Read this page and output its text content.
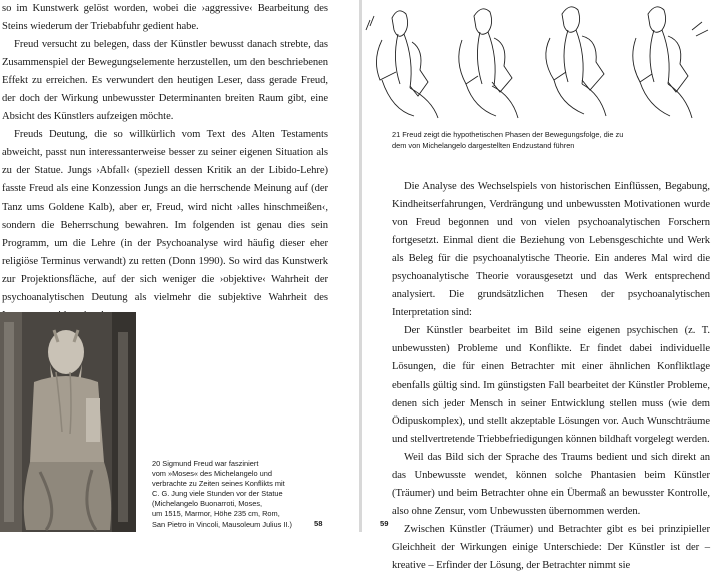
so im Kunstwerk gelöst worden, wobei die ›aggressive‹ Bearbeitung des Steins wiederum der Triebabfuhr gedient habe.

Freud versucht zu belegen, dass der Künstler bewusst danach strebte, das Zusammenspiel der Bewegungselemente herzustellen, um den beschriebenen Effekt zu erreichen. Es verwundert den heutigen Leser, dass gerade Freud, der doch der Wirkung unbewusster Determinanten breiten Raum gibt, eine Absicht des Künstlers aufzeigen möchte.

Freuds Deutung, die so willkürlich vom Text des Alten Testaments abweicht, passt nun interessanterweise besser zu seiner eigenen Situation als zu der Statue. Jungs ›Abfall‹ (speziell dessen Kritik an der Libido-Lehre) fasste Freud als eine Konzession Jungs an die herrschende Meinung auf (der Tanz ums Goldene Kalb), aber er, Freud, wird nicht ›alles hinschmeißen‹, sondern die Beherrschung bewahren. Im folgenden ist genau dies sein Programm, um die Lehre (in der Psychoanalyse wird häufig dieser eher religiöse Terminus verwandt) zu retten (Donn 1990). So wird das Kunstwerk zur Projektionsfläche, auf der sich weniger die ›objektive‹ Wahrheit der psychoanalytischen Deutung als vielmehr die subjektive Wahrheit des

20 Sigmund Freud war fasziniert
vom »Moses« des Michelangelo und
verbrachte zu Zeiten seines Konflikts mit
C. G. Jung viele Stunden vor der Statue
(Michelangelo Buonarroti, Moses,
um 1515, Marmor, Höhe 235 cm, Rom,
San Pietro in Vincoli, Mausoleum Julius II.)	58
21 Freud zeigt die hypothetischen Phasen der Bewegungsfolge, die zu
dem von Michelangelo dargestellten Endzustand führen

Die Analyse des Wechselspiels von historischen Einflüssen, Begabung, Kindheitserfahrungen, Verdrängung und unbewussten Motivationen wurde von Freud begonnen und von vielen psychoanalytischen Forschern fortgesetzt. Einmal dient die Beziehung von Lebensgeschichte und Werk als Beleg für die psychoanalytische Theorie. Ein anderes Mal wird die psychoanalytische Theorie vorausgesetzt und das Werk entsprechend analysiert. Die grundsätzlichen Thesen der psychoanalytischen Interpretation sind:

Der Künstler bearbeitet im Bild seine eigenen psychischen (z. T. unbewussten) Probleme und Konflikte. Er findet dabei individuelle Lösungen, die für einen Betrachter mit einer ähnlichen Konfliktlage ebenfalls gültig sind. Im günstigsten Fall bearbeitet der Künstler Probleme, denen sich jeder Mensch in seiner Entwicklung stellen muss (wie dem Ödipuskomplex), und stellt akzeptable Lösungen vor. Auch Wunschträume und stellvertretende Triebbefriedigungen können bildhaft vorgelegt werden.

Weil das Bild sich der Sprache des Traums bedient und sich direkt an das Unbewusste wendet, können solche Phantasien beim Künstler (Träumer) und beim Betrachter ohne ein Übermaß an bewusster Kontrolle, also ohne Zensur, vom Unbewussten übernommen werden.

Zwischen Künstler (Träumer) und Betrachter gibt es bei prinzipieller Gleichheit der Wirkungen einige Unterschiede: Der Künstler ist der – kreative – Erfinder der Lösung, der Betrachter nimmt sie

59
